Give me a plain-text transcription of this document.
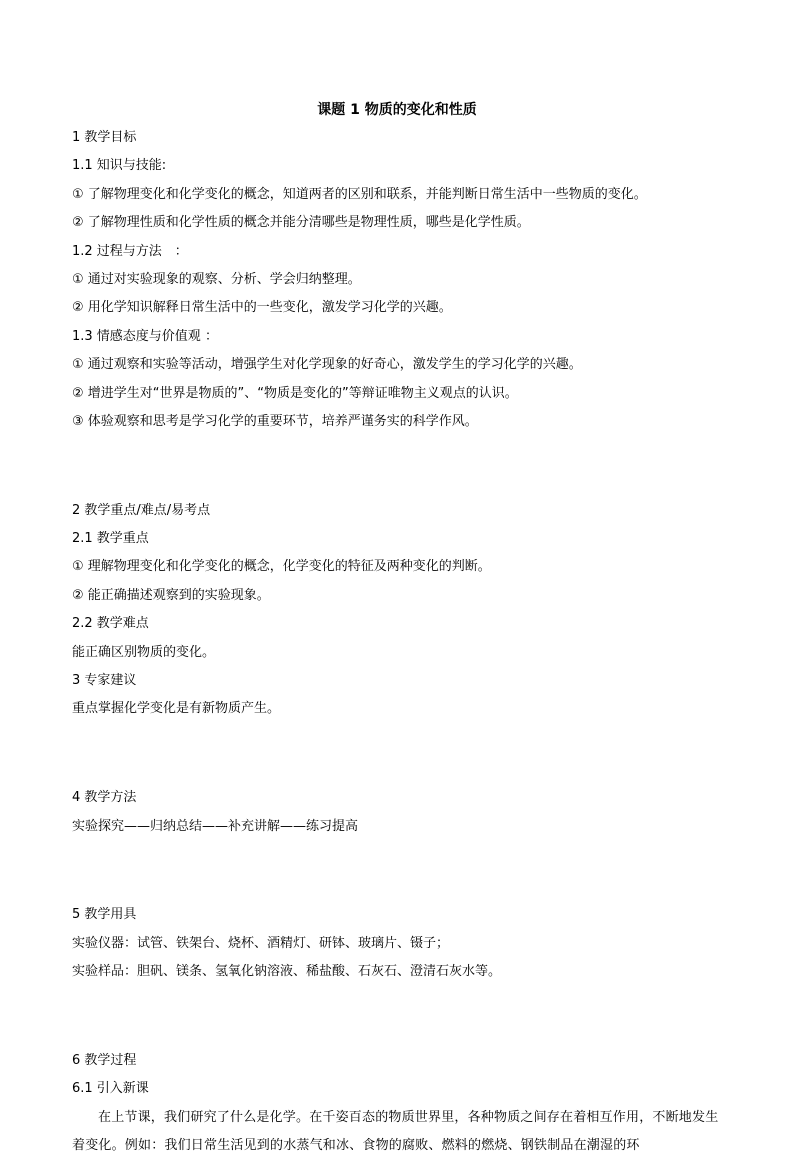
课题 1 物质的变化和性质

1 教学目标

1.1 知识与技能:

① 了解物理变化和化学变化的概念，知道两者的区别和联系，并能判断日常生活中一些物质的变化。

② 了解物理性质和化学性质的概念并能分清哪些是物理性质，哪些是化学性质。

1.2 过程与方法　：

① 通过对实验现象的观察、分析、学会归纳整理。

② 用化学知识解释日常生活中的一些变化，激发学习化学的兴趣。

1.3 情感态度与价值观 ：

① 通过观察和实验等活动，增强学生对化学现象的好奇心，激发学生的学习化学的兴趣。

② 增进学生对“世界是物质的”、“物质是变化的”等辩证唯物主义观点的认识。

③ 体验观察和思考是学习化学的重要环节，培养严谨务实的科学作风。

2 教学重点/难点/易考点

2.1 教学重点

① 理解物理变化和化学变化的概念，化学变化的特征及两种变化的判断。

② 能正确描述观察到的实验现象。

2.2 教学难点

能正确区别物质的变化。

3 专家建议

重点掌握化学变化是有新物质产生。

4 教学方法

实验探究——归纳总结——补充讲解——练习提高

5 教学用具

实验仪器：试管、铁架台、烧杯、酒精灯、研钵、玻璃片、镊子；

实验样品：胆矾、镁条、氢氧化钠溶液、稀盐酸、石灰石、澄清石灰水等。

6 教学过程

6.1 引入新课

在上节课，我们研究了什么是化学。在千姿百态的物质世界里，各种物质之间存在着相互作用，不断地发生着变化。例如：我们日常生活见到的水蒸气和冰、食物的腐败、燃料的燃烧、钢铁制品在潮湿的环
